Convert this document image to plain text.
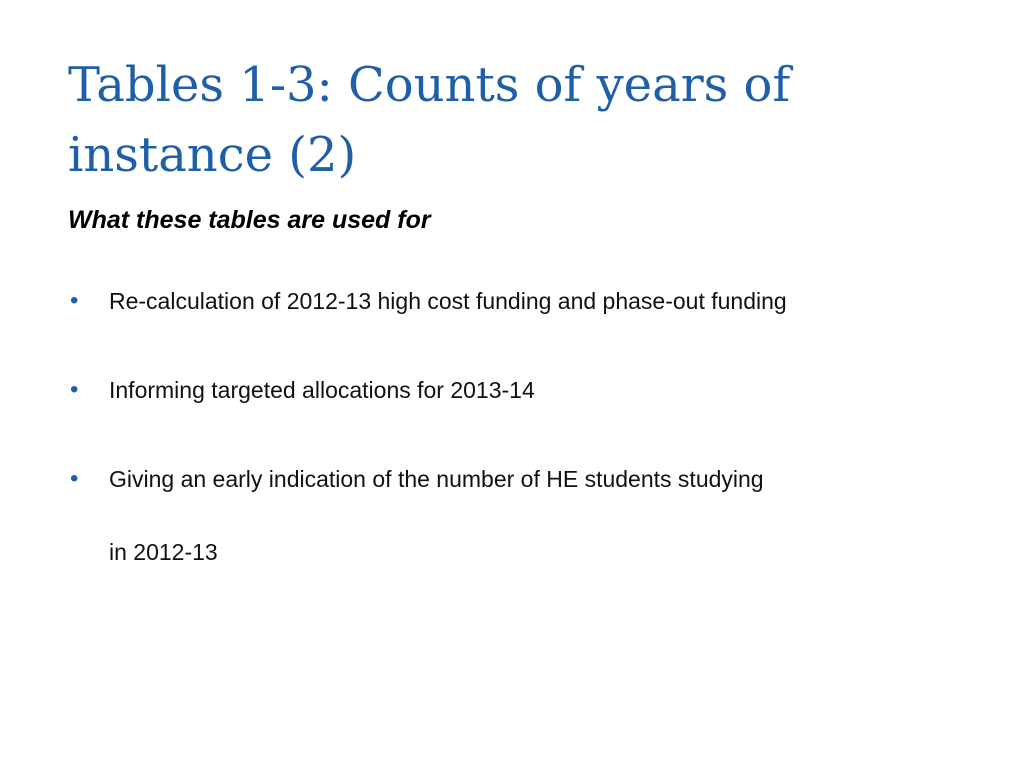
Tables 1-3: Counts of years of
instance (2)
What these tables are used for
• Re-calculation of 2012-13 high cost funding and phase-out funding
• Informing targeted allocations for 2013-14
• Giving an early indication of the number of HE students studying
in 2012-13
